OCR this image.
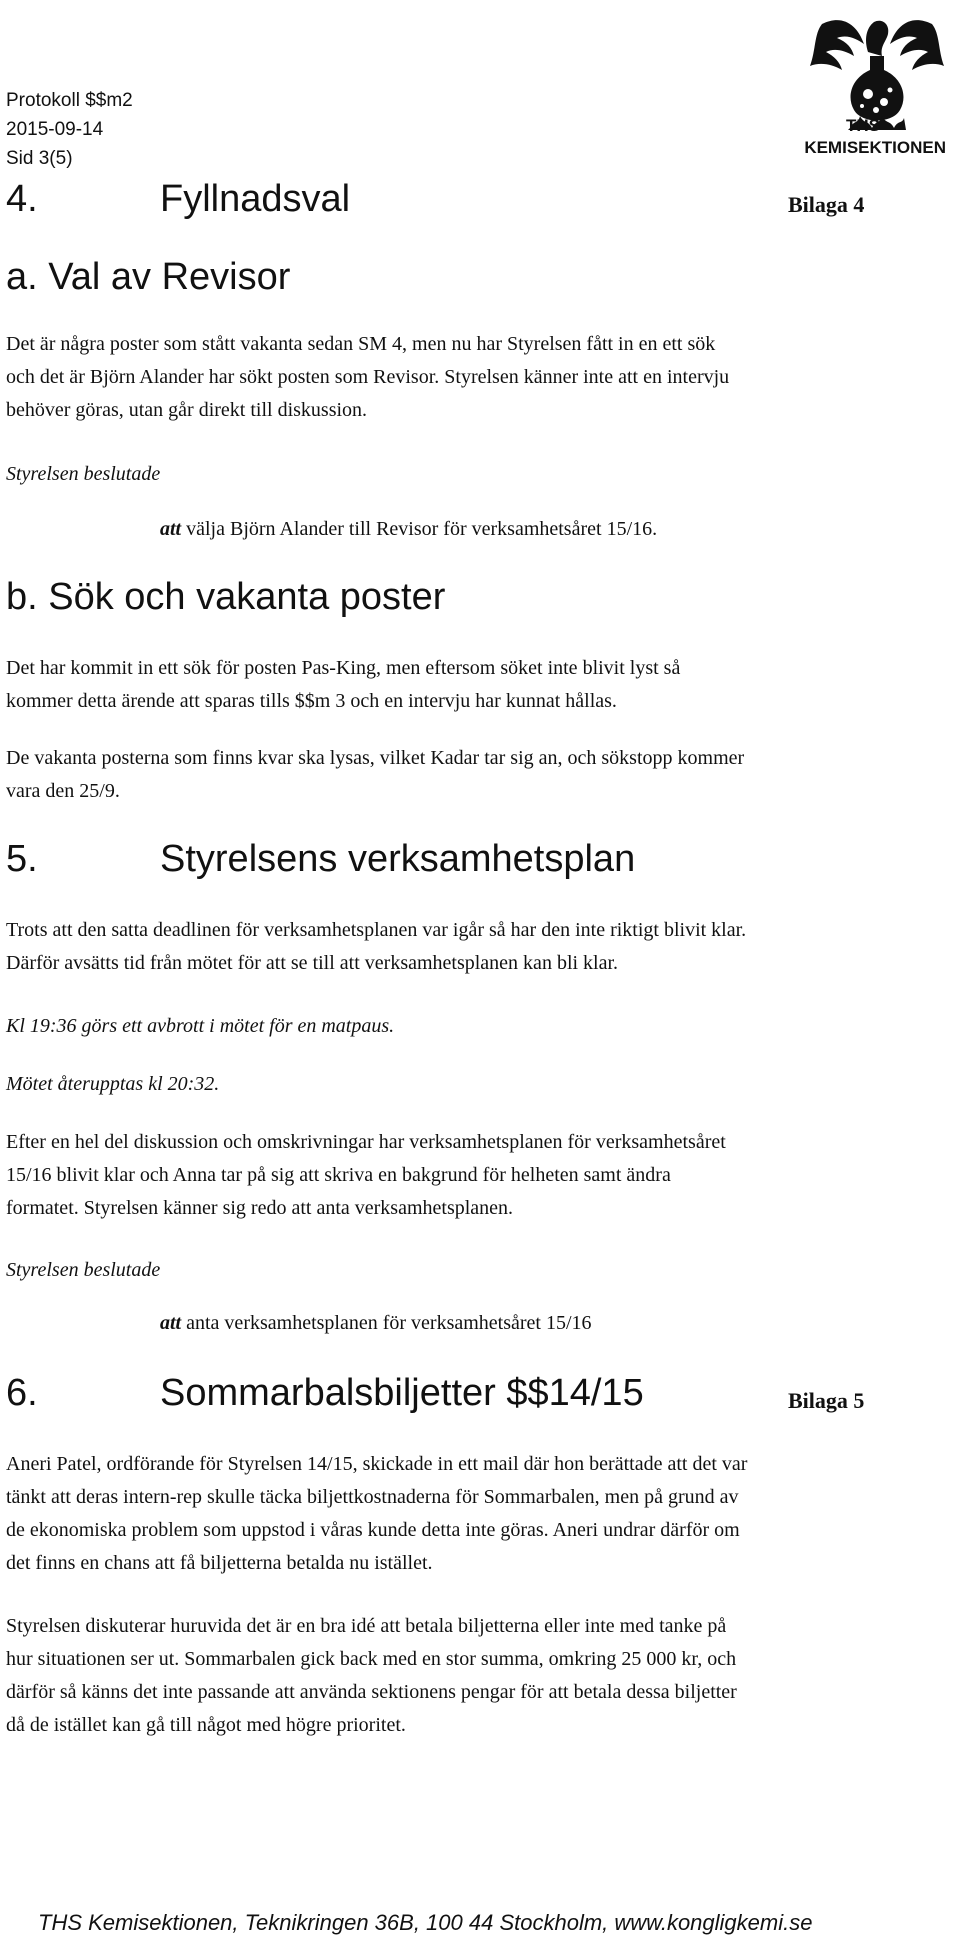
Protokoll $$m2
2015-09-14
Sid 3(5)
THS
KEMISEKTIONEN
4.	Fyllnadsval	Bilaga 4
a. Val av Revisor
Det är några poster som stått vakanta sedan SM 4, men nu har Styrelsen fått in en ett sök
och det är Björn Alander har sökt posten som Revisor. Styrelsen känner inte att en intervju
behöver göras, utan går direkt till diskussion.
Styrelsen beslutade
att välja Björn Alander till Revisor för verksamhetsåret 15/16.
b. Sök och vakanta poster
Det har kommit in ett sök för posten Pas-King, men eftersom söket inte blivit lyst så
kommer detta ärende att sparas tills $$m 3 och en intervju har kunnat hållas.
De vakanta posterna som finns kvar ska lysas, vilket Kadar tar sig an, och sökstopp kommer
vara den 25/9.
5.	Styrelsens verksamhetsplan
Trots att den satta deadlinen för verksamhetsplanen var igår så har den inte riktigt blivit klar.
Därför avsätts tid från mötet för att se till att verksamhetsplanen kan bli klar.
Kl 19:36 görs ett avbrott i mötet för en matpaus.
Mötet återupptas kl 20:32.
Efter en hel del diskussion och omskrivningar har verksamhetsplanen för verksamhetsåret
15/16 blivit klar och Anna tar på sig att skriva en bakgrund för helheten samt ändra
formatet. Styrelsen känner sig redo att anta verksamhetsplanen.
Styrelsen beslutade
att anta verksamhetsplanen för verksamhetsåret 15/16
6.	Sommarbalsbiljetter $$14/15	Bilaga 5
Aneri Patel, ordförande för Styrelsen 14/15, skickade in ett mail där hon berättade att det var
tänkt att deras intern-rep skulle täcka biljettkostnaderna för Sommarbalen, men på grund av
de ekonomiska problem som uppstod i våras kunde detta inte göras. Aneri undrar därför om
det finns en chans att få biljetterna betalda nu istället.
Styrelsen diskuterar huruvida det är en bra idé att betala biljetterna eller inte med tanke på
hur situationen ser ut. Sommarbalen gick back med en stor summa, omkring 25 000 kr, och
därför så känns det inte passande att använda sektionens pengar för att betala dessa biljetter
då de istället kan gå till något med högre prioritet.
THS Kemisektionen, Teknikringen 36B, 100 44 Stockholm, www.kongligkemi.se
